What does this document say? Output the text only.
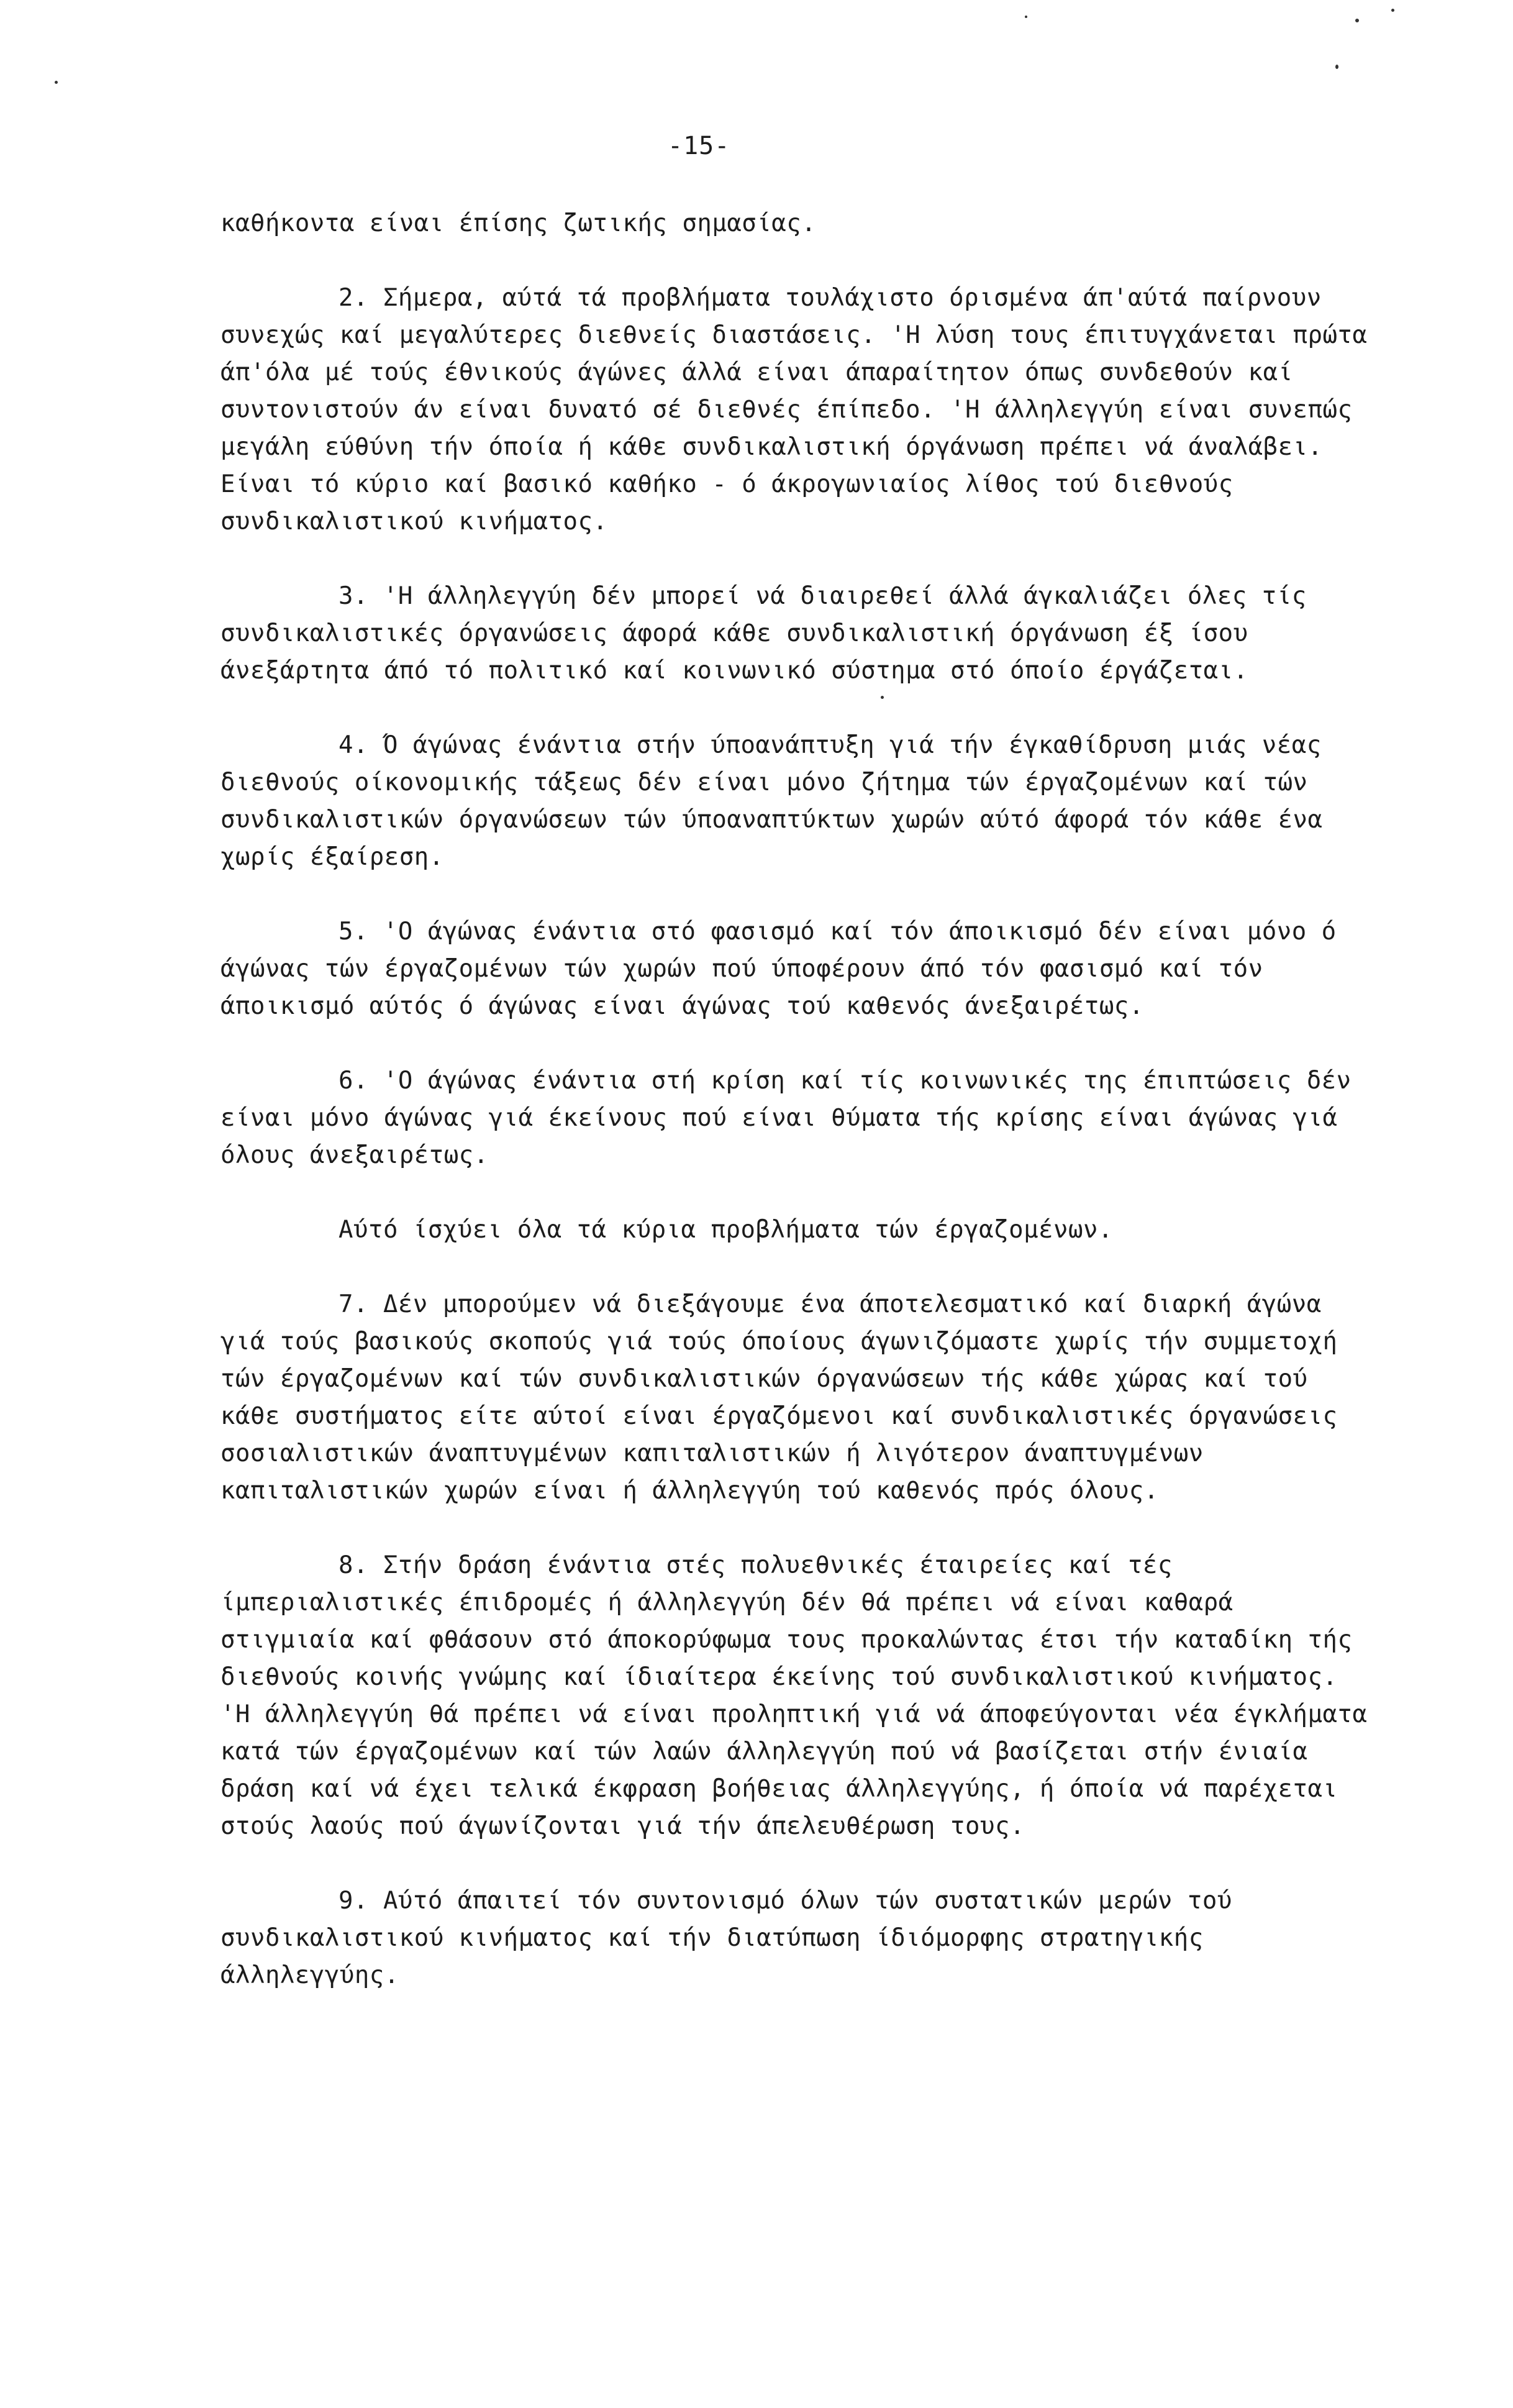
-15-

καθήκοντα είναι έπίσης ζωτικής σημασίας.

2. Σήμερα, αύτά τά προβλήματα τουλάχιστο όρισμένα άπ'αύτά παίρνουν συνεχώς καί μεγαλύτερες διεθνείς διαστάσεις. 'Η λύση τους έπιτυγχάνεται πρώτα άπ'όλα μέ τούς έθνικούς άγώνες άλλά είναι άπαραίτητον όπως συνδεθούν καί συντονιστούν άν είναι δυνατό σέ διεθνές έπίπεδο. 'Η άλληλεγγύη είναι συνεπώς μεγάλη εύθύνη τήν όποία ή κάθε συνδικαλιστική όργάνωση πρέπει νά άναλάβει. Είναι τό κύριο καί βασικό καθήκο - ό άκρογωνιαίος λίθος τού διεθνούς συνδικαλιστικού κινήματος.

3. 'Η άλληλεγγύη δέν μπορεί νά διαιρεθεί άλλά άγκαλιάζει όλες τίς συνδικαλιστικές όργανώσεις άφορά κάθε συνδικαλιστική όργάνωση έξ ίσου άνεξάρτητα άπό τό πολιτικό καί κοινωνικό σύστημα στό όποίο έργάζεται.

4. Ό άγώνας ένάντια στήν ύποανάπτυξη γιά τήν έγκαθίδρυση μιάς νέας διεθνούς οίκονομικής τάξεως δέν είναι μόνο ζήτημα τών έργαζομένων καί τών συνδικαλιστικών όργανώσεων τών ύποαναπτύκτων χωρών αύτό άφορά τόν κάθε ένα χωρίς έξαίρεση.

5. 'Ο άγώνας ένάντια στό φασισμό καί τόν άποικισμό δέν είναι μόνο ό άγώνας τών έργαζομένων τών χωρών πού ύποφέρουν άπό τόν φασισμό καί τόν άποικισμό αύτός ό άγώνας είναι άγώνας τού καθενός άνεξαιρέτως.

6. 'Ο άγώνας ένάντια στή κρίση καί τίς κοινωνικές της έπιπτώσεις δέν είναι μόνο άγώνας γιά έκείνους πού είναι θύματα τής κρίσης είναι άγώνας γιά όλους άνεξαιρέτως.

Αύτό ίσχύει όλα τά κύρια προβλήματα τών έργαζομένων.

7. Δέν μπορούμεν νά διεξάγουμε ένα άποτελεσματικό καί διαρκή άγώνα γιά τούς βασικούς σκοπούς γιά τούς όποίους άγωνιζόμαστε χωρίς τήν συμμετοχή τών έργαζομένων καί τών συνδικαλιστικών όργανώσεων τής κάθε χώρας καί τού κάθε συστήματος είτε αύτοί είναι έργαζόμενοι καί συνδικαλιστικές όργανώσεις σοσιαλιστικών άναπτυγμένων καπιταλιστικών ή λιγότερον άναπτυγμένων καπιταλιστικών χωρών είναι ή άλληλεγγύη τού καθενός πρός όλους.

8. Στήν δράση ένάντια στές πολυεθνικές έταιρείες καί τές ίμπεριαλιστικές έπιδρομές ή άλληλεγγύη δέν θά πρέπει νά είναι καθαρά στιγμιαία καί φθάσουν στό άποκορύφωμα τους προκαλώντας έτσι τήν καταδίκη τής διεθνούς κοινής γνώμης καί ίδιαίτερα έκείνης τού συνδικαλιστικού κινήματος. 'Η άλληλεγγύη θά πρέπει νά είναι προληπτική γιά νά άποφεύγονται νέα έγκλήματα κατά τών έργαζομένων καί τών λαών άλληλεγγύη πού νά βασίζεται στήν ένιαία δράση καί νά έχει τελικά έκφραση βοήθειας άλληλεγγύης, ή όποία νά παρέχεται στούς λαούς πού άγωνίζονται γιά τήν άπελευθέρωση τους.

9. Αύτό άπαιτεί τόν συντονισμό όλων τών συστατικών μερών τού συνδικαλιστικού κινήματος καί τήν διατύπωση ίδιόμορφης στρατηγικής άλληλεγγύης.
